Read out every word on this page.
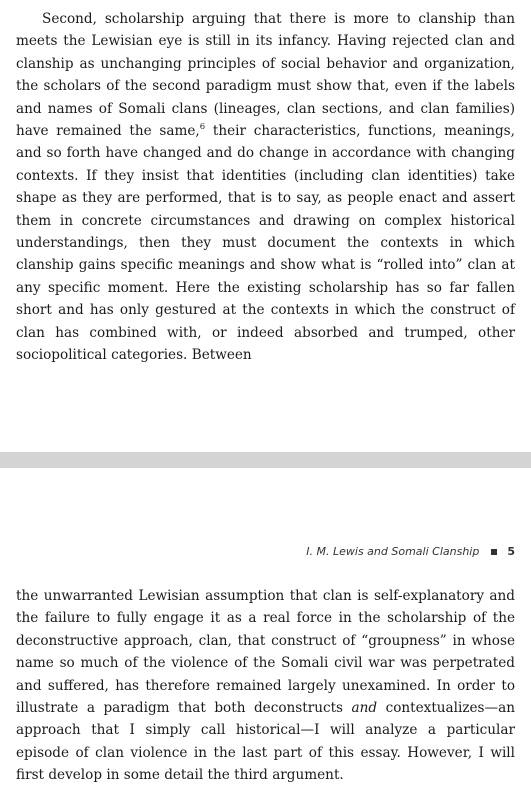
Second, scholarship arguing that there is more to clanship than meets the Lewisian eye is still in its infancy. Having rejected clan and clanship as unchanging principles of social behavior and organization, the scholars of the second paradigm must show that, even if the labels and names of Somali clans (lineages, clan sections, and clan families) have remained the same,$^6$ their characteristics, functions, meanings, and so forth have changed and do change in accordance with changing contexts. If they insist that identities (including clan identities) take shape as they are performed, that is to say, as people enact and assert them in concrete circumstances and drawing on complex historical understandings, then they must document the contexts in which clanship gains specific meanings and show what is “rolled into” clan at any specific moment. Here the existing scholarship has so far fallen short and has only gestured at the contexts in which the construct of clan has combined with, or indeed absorbed and trumped, other sociopolitical categories. Between

I. M. Lewis and Somali Clanship	5

the unwarranted Lewisian assumption that clan is self-explanatory and the failure to fully engage it as a real force in the scholarship of the deconstructive approach, clan, that construct of “groupness” in whose name so much of the violence of the Somali civil war was perpetrated and suffered, has therefore remained largely unexamined. In order to illustrate a paradigm that both deconstructs and contextualizes—an approach that I simply call historical—I will analyze a particular episode of clan violence in the last part of this essay. However, I will first develop in some detail the third argument.
